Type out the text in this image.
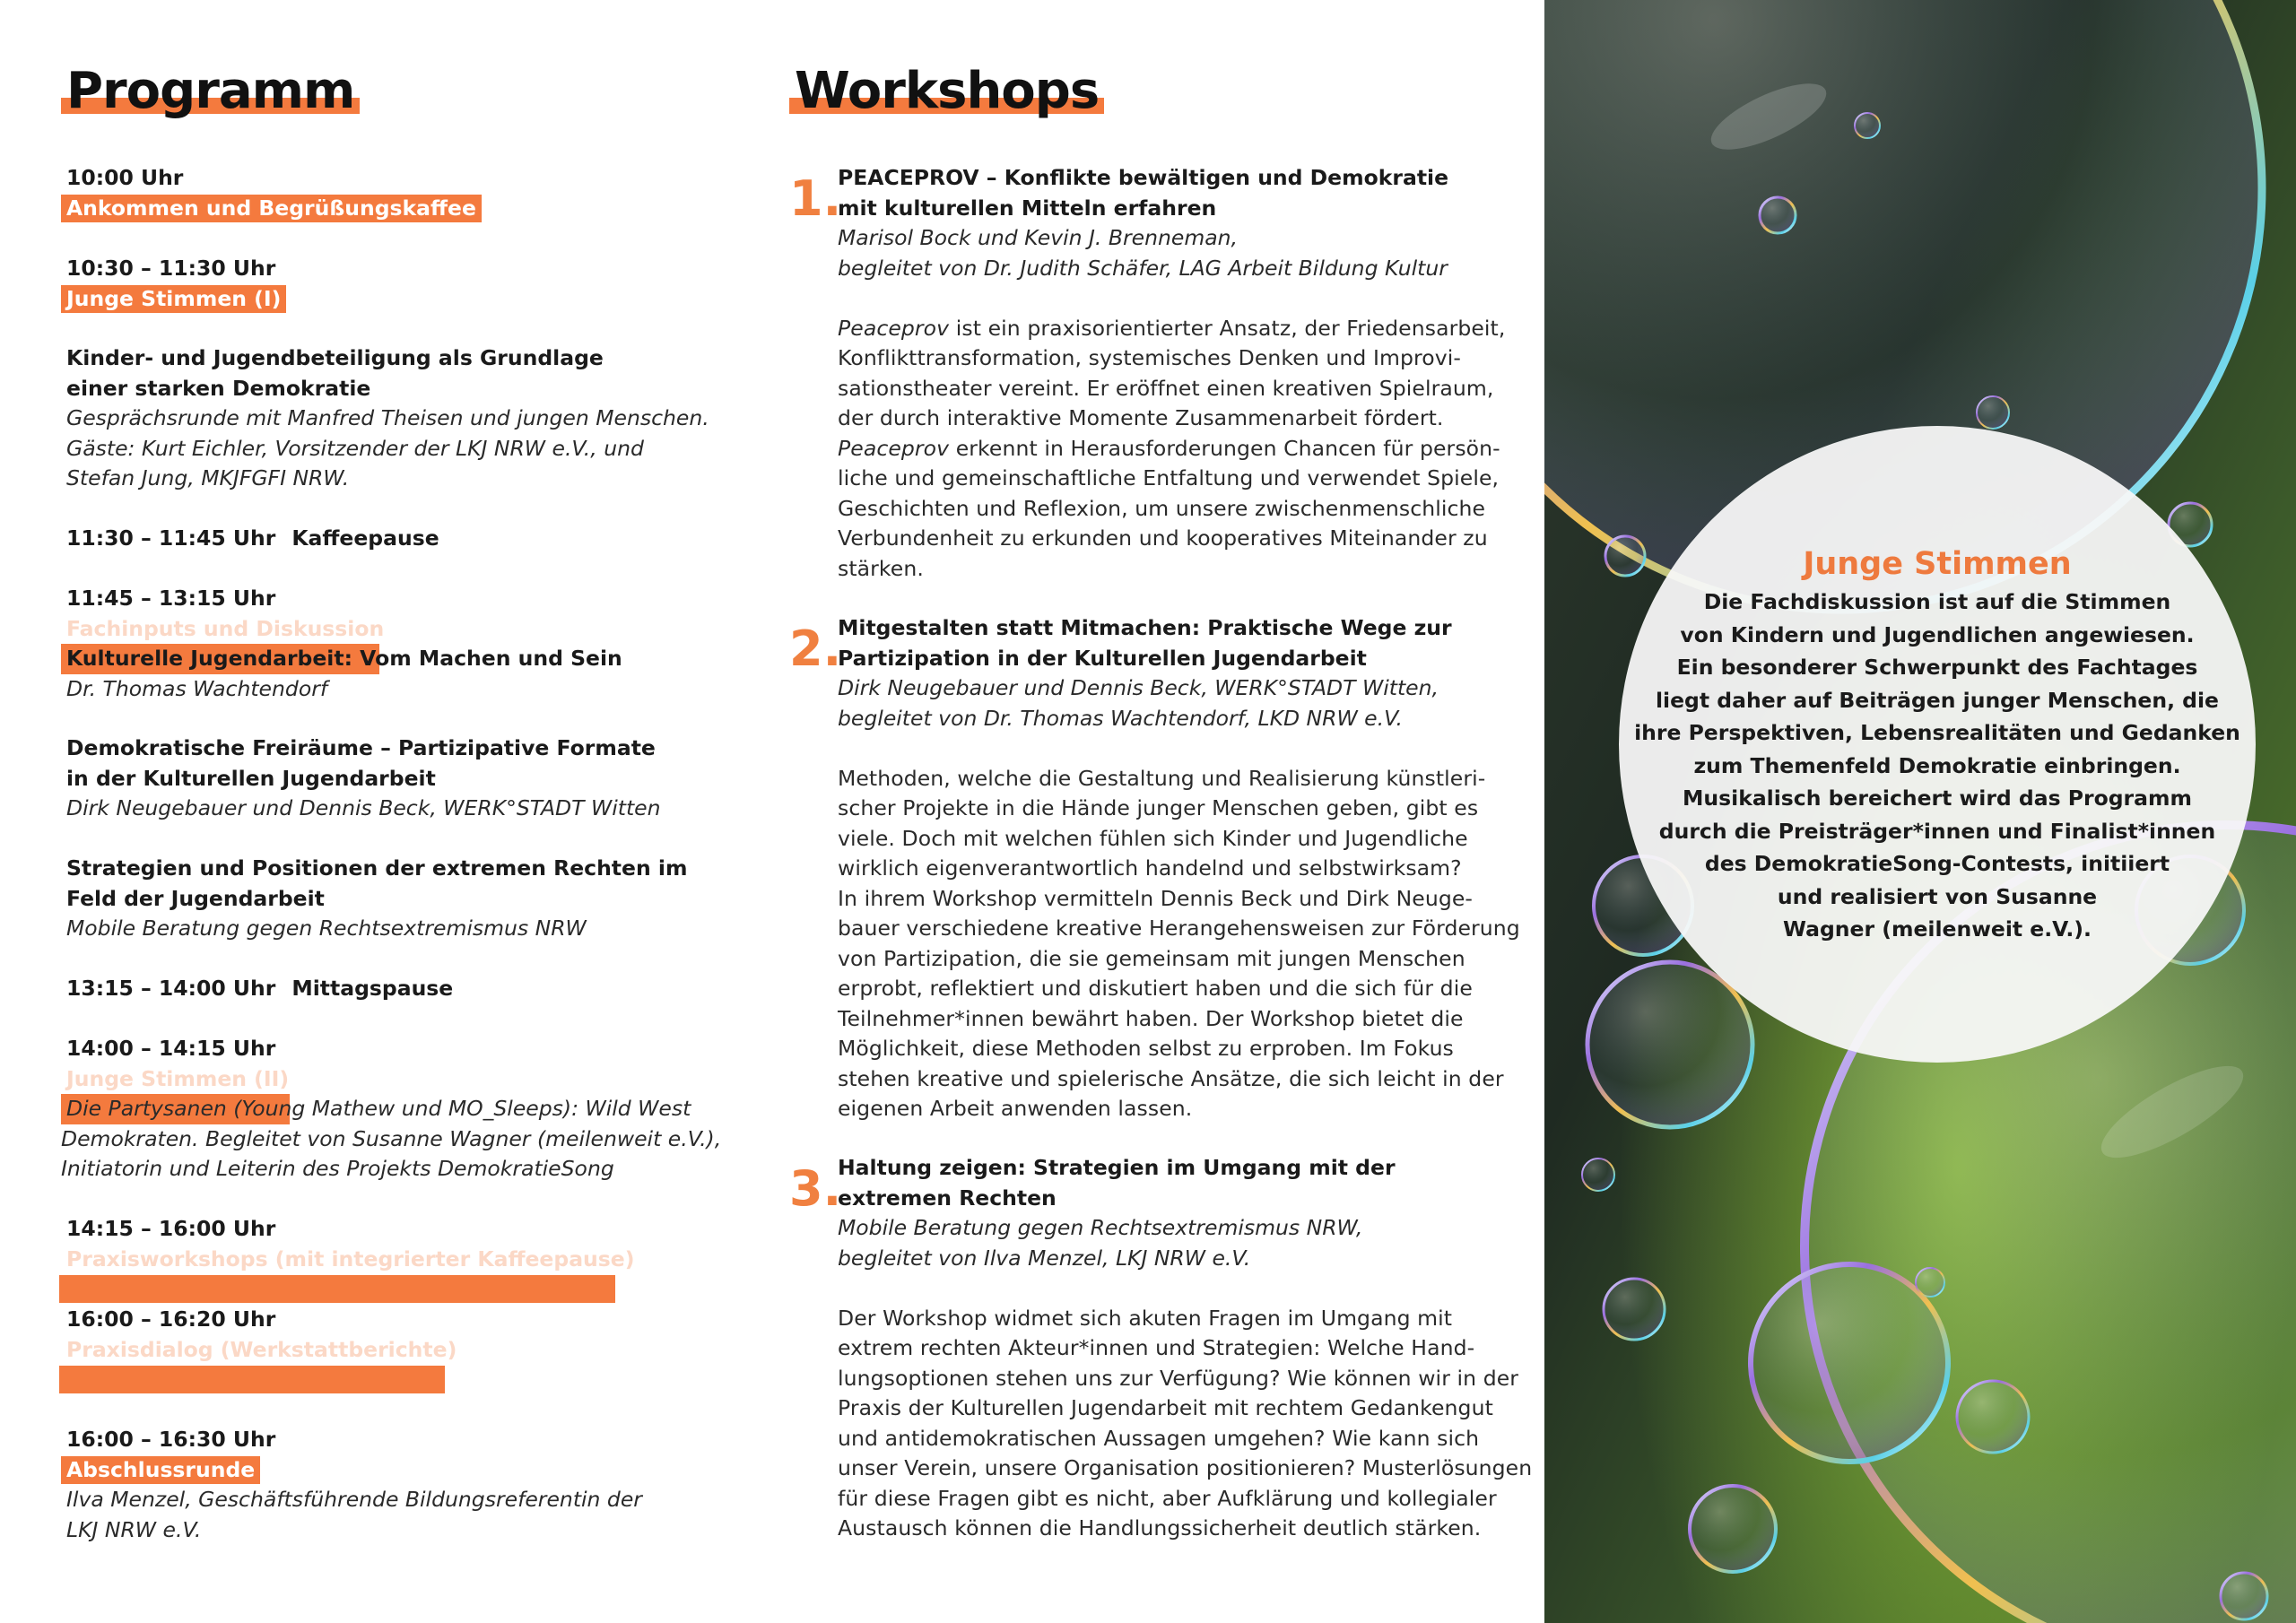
Programm
10:00 Uhr
Ankommen und Begrüßungskaffee
10:30 – 11:30 Uhr
Junge Stimmen (I)
Kinder- und Jugendbeteiligung als Grundlage
einer starken Demokratie
Gesprächsrunde mit Manfred Theisen und jungen Menschen.
Gäste: Kurt Eichler, Vorsitzender der LKJ NRW e.V., und
Stefan Jung, MKJFGFI NRW.
11:30 – 11:45 Uhr Kaffeepause
11:45 – 13:15 Uhr
Fachinputs und Diskussion
Kulturelle Jugendarbeit: Vom Machen und Sein
Dr. Thomas Wachtendorf
Demokratische Freiräume – Partizipative Formate
in der Kulturellen Jugendarbeit
Dirk Neugebauer und Dennis Beck, WERK°STADT Witten
Strategien und Positionen der extremen Rechten im
Feld der Jugendarbeit
Mobile Beratung gegen Rechtsextremismus NRW
13:15 – 14:00 Uhr Mittagspause
14:00 – 14:15 Uhr
Junge Stimmen (II)
Die Partysanen (Young Mathew und MO_Sleeps): Wild West
Demokraten. Begleitet von Susanne Wagner (meilenweit e.V.),
Initiatorin und Leiterin des Projekts DemokratieSong
14:15 – 16:00 Uhr
Praxisworkshops (mit integrierter Kaffeepause)
16:00 – 16:20 Uhr
Praxisdialog (Werkstattberichte)
16:00 – 16:30 Uhr
Abschlussrunde
Ilva Menzel, Geschäftsführende Bildungsreferentin der
LKJ NRW e.V.
Workshops
1.
PEACEPROV – Konflikte bewältigen und Demokratie
mit kulturellen Mitteln erfahren
Marisol Bock und Kevin J. Brenneman,
begleitet von Dr. Judith Schäfer, LAG Arbeit Bildung Kultur
Peaceprov ist ein praxisorientierter Ansatz, der Friedensarbeit,
Konflikttransformation, systemisches Denken und Improvi-
sationstheater vereint. Er eröffnet einen kreativen Spielraum,
der durch interaktive Momente Zusammenarbeit fördert.
Peaceprov erkennt in Herausforderungen Chancen für persön-
liche und gemeinschaftliche Entfaltung und verwendet Spiele,
Geschichten und Reflexion, um unsere zwischenmenschliche
Verbundenheit zu erkunden und kooperatives Miteinander zu
stärken.
2.
Mitgestalten statt Mitmachen: Praktische Wege zur
Partizipation in der Kulturellen Jugendarbeit
Dirk Neugebauer und Dennis Beck, WERK°STADT Witten,
begleitet von Dr. Thomas Wachtendorf, LKD NRW e.V.
Methoden, welche die Gestaltung und Realisierung künstleri-
scher Projekte in die Hände junger Menschen geben, gibt es
viele. Doch mit welchen fühlen sich Kinder und Jugendliche
wirklich eigenverantwortlich handelnd und selbstwirksam?
In ihrem Workshop vermitteln Dennis Beck und Dirk Neuge-
bauer verschiedene kreative Herangehensweisen zur Förderung
von Partizipation, die sie gemeinsam mit jungen Menschen
erprobt, reflektiert und diskutiert haben und die sich für die
Teilnehmer*innen bewährt haben. Der Workshop bietet die
Möglichkeit, diese Methoden selbst zu erproben. Im Fokus
stehen kreative und spielerische Ansätze, die sich leicht in der
eigenen Arbeit anwenden lassen.
3.
Haltung zeigen: Strategien im Umgang mit der
extremen Rechten
Mobile Beratung gegen Rechtsextremismus NRW,
begleitet von Ilva Menzel, LKJ NRW e.V.
Der Workshop widmet sich akuten Fragen im Umgang mit
extrem rechten Akteur*innen und Strategien: Welche Hand-
lungsoptionen stehen uns zur Verfügung? Wie können wir in der
Praxis der Kulturellen Jugendarbeit mit rechtem Gedankengut
und antidemokratischen Aussagen umgehen? Wie kann sich
unser Verein, unsere Organisation positionieren? Musterlösungen
für diese Fragen gibt es nicht, aber Aufklärung und kollegialer
Austausch können die Handlungssicherheit deutlich stärken.
Junge Stimmen
Die Fachdiskussion ist auf die Stimmen
von Kindern und Jugendlichen angewiesen.
Ein besonderer Schwerpunkt des Fachtages
liegt daher auf Beiträgen junger Menschen, die
ihre Perspektiven, Lebensrealitäten und Gedanken
zum Themenfeld Demokratie einbringen.
Musikalisch bereichert wird das Programm
durch die Preisträger*innen und Finalist*innen
des DemokratieSong-Contests, initiiert
und realisiert von Susanne
Wagner (meilenweit e.V.).
